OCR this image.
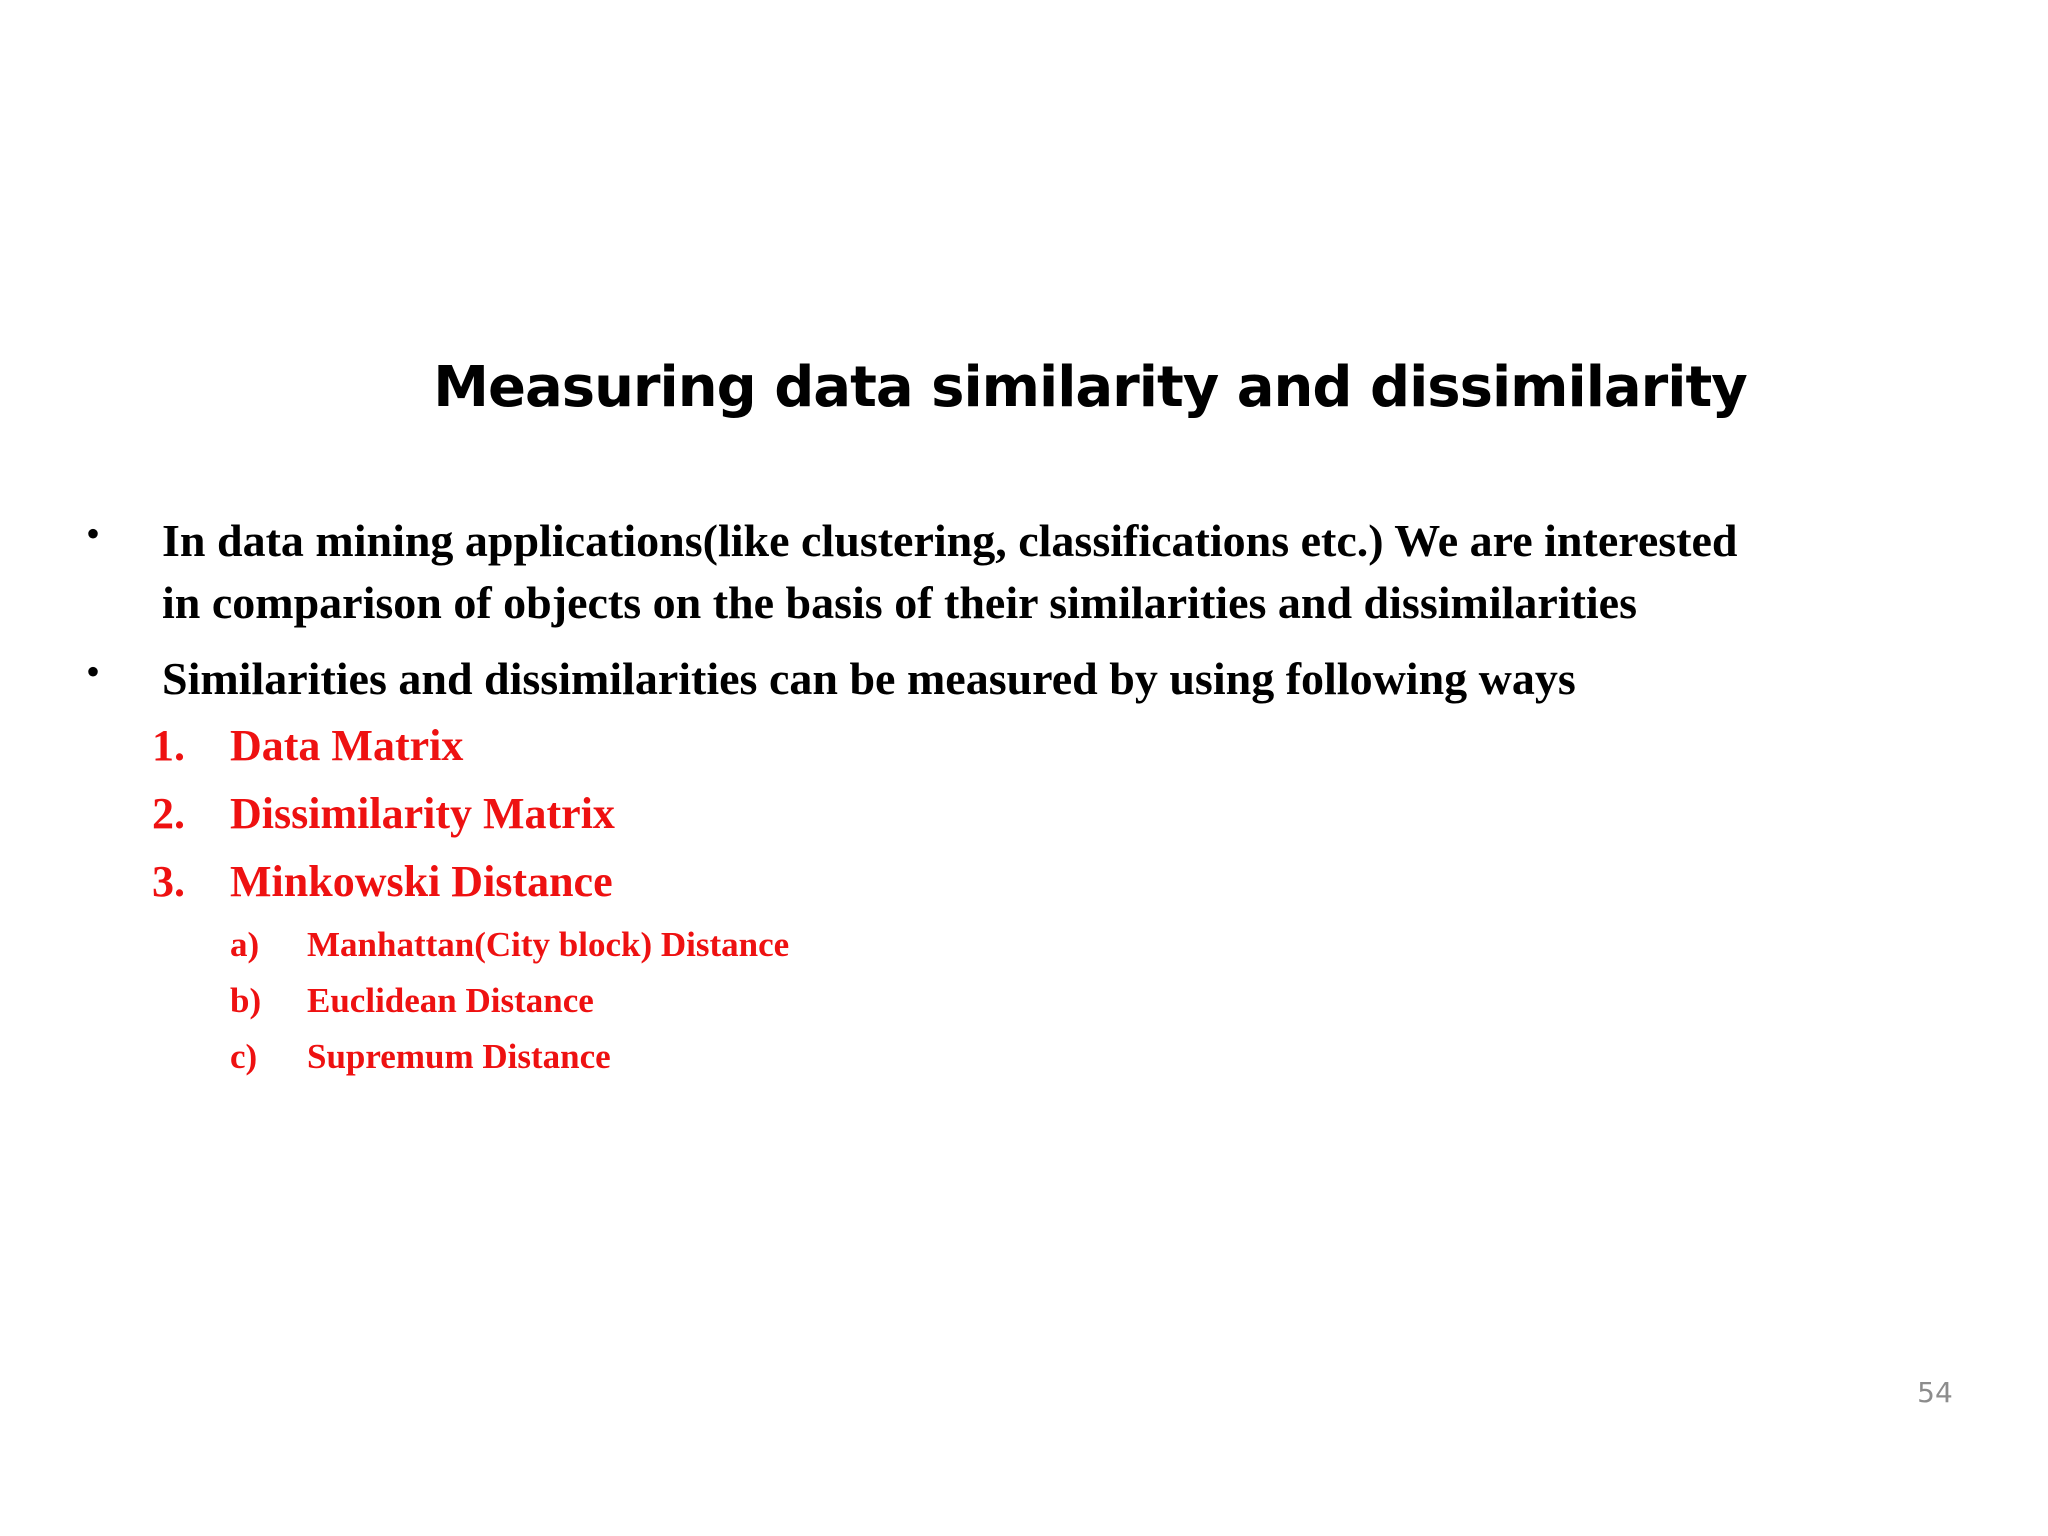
Measuring data similarity and dissimilarity
• In data mining applications(like clustering, classifications etc.) We are interested
in comparison of objects on the basis of their similarities and dissimilarities
• Similarities and dissimilarities can be measured by using following ways
1. Data Matrix
2. Dissimilarity Matrix
3. Minkowski Distance
a) Manhattan(City block) Distance
b) Euclidean Distance
c) Supremum Distance
54
